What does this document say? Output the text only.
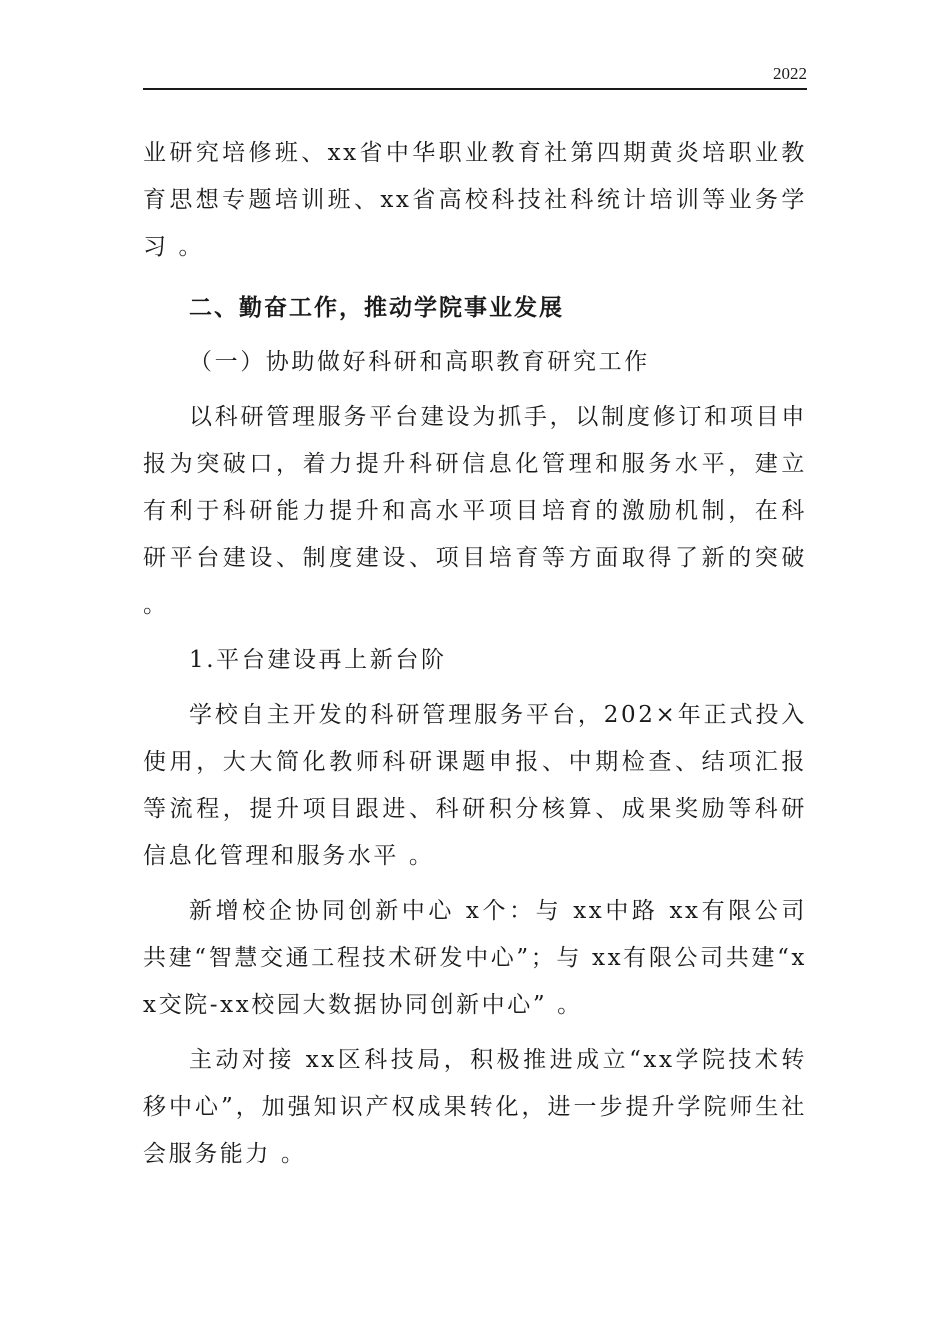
2022

业研究培修班、xx省中华职业教育社第四期黄炎培职业教育思想专题培训班、xx省高校科技社科统计培训等业务学习 。

二、勤奋工作，推动学院事业发展

（一）协助做好科研和高职教育研究工作

以科研管理服务平台建设为抓手，以制度修订和项目申报为突破口，着力提升科研信息化管理和服务水平，建立有利于科研能力提升和高水平项目培育的激励机制，在科研平台建设、制度建设、项目培育等方面取得了新的突破 。

1.平台建设再上新台阶

学校自主开发的科研管理服务平台，202×年正式投入使用，大大简化教师科研课题申报、中期检查、结项汇报等流程，提升项目跟进、科研积分核算、成果奖励等科研信息化管理和服务水平 。

新增校企协同创新中心 x个：与 xx中路 xx有限公司共建“智慧交通工程技术研发中心”；与 xx有限公司共建“xx交院-xx校园大数据协同创新中心” 。

主动对接 xx区科技局，积极推进成立“xx学院技术转移中心”，加强知识产权成果转化，进一步提升学院师生社会服务能力 。
